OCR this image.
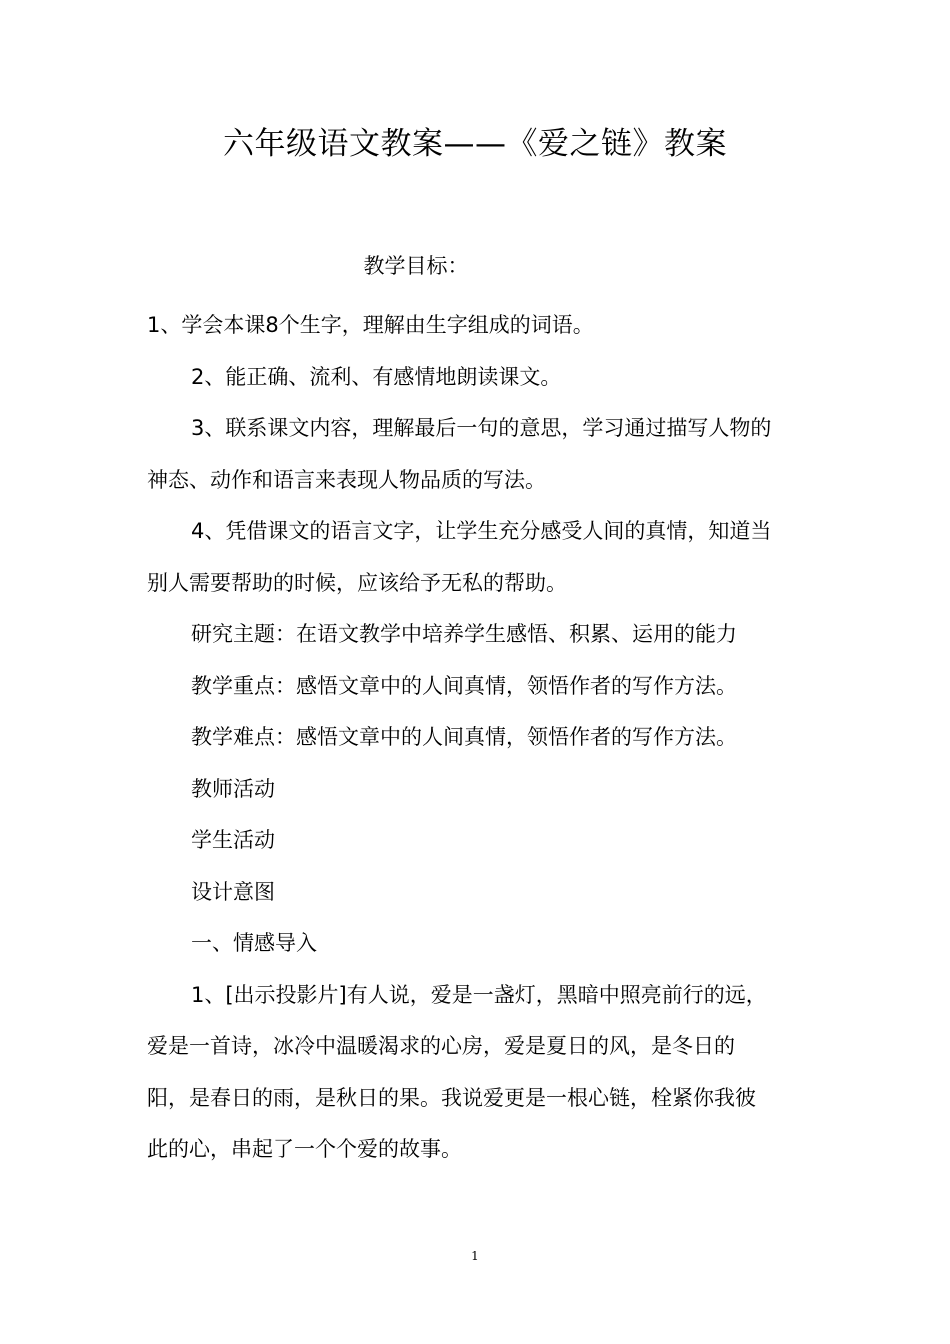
六年级语文教案——《爱之链》教案
教学目标：
1、学会本课8个生字，理解由生字组成的词语。
2、能正确、流利、有感情地朗读课文。
3、联系课文内容，理解最后一句的意思，学习通过描写人物的
神态、动作和语言来表现人物品质的写法。
4、凭借课文的语言文字，让学生充分感受人间的真情，知道当
别人需要帮助的时候，应该给予无私的帮助。
研究主题：在语文教学中培养学生感悟、积累、运用的能力
教学重点：感悟文章中的人间真情，领悟作者的写作方法。
教学难点：感悟文章中的人间真情，领悟作者的写作方法。
教师活动
学生活动
设计意图
一、情感导入
1、[出示投影片]有人说，爱是一盏灯，黑暗中照亮前行的远，
爱是一首诗，冰冷中温暖渴求的心房，爱是夏日的风，是冬日的
阳，是春日的雨，是秋日的果。我说爱更是一根心链，栓紧你我彼
此的心，串起了一个个爱的故事。
1
